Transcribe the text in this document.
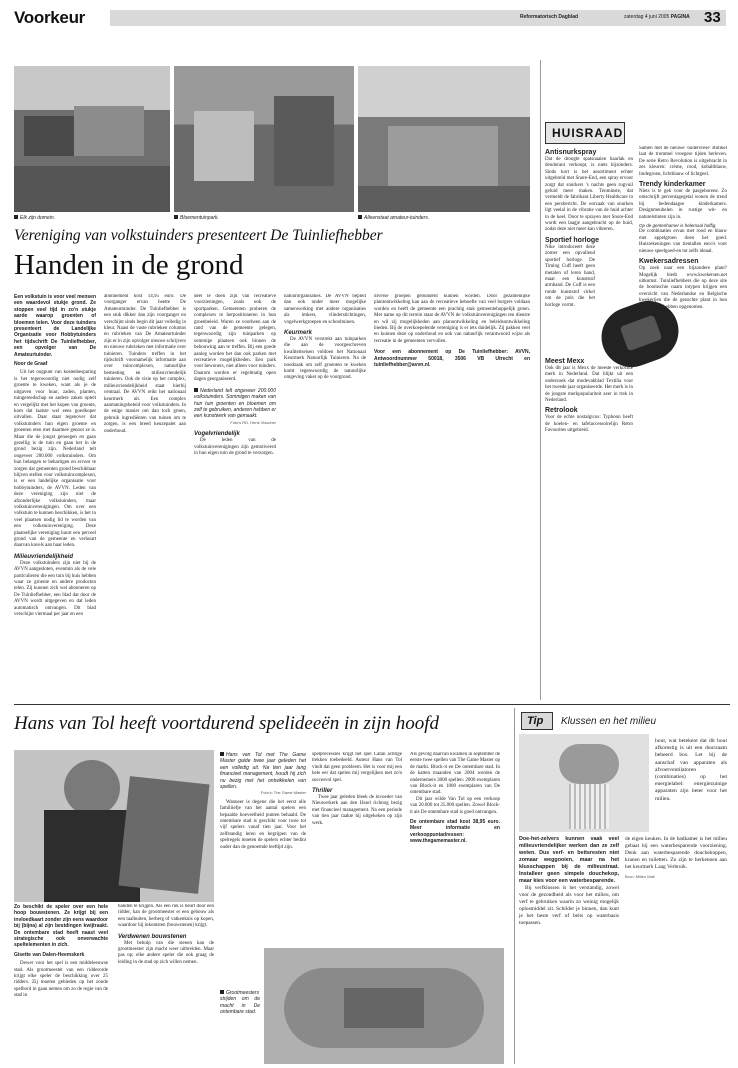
Voorkeur	Reformatorisch Dagblad	zaterdag 4 juni 2005 PAGINA 33
Elk zijn domein.	Bloementuinpark.	Alleenstaat amateur-tuinders.
Vereniging van volkstuinders presenteert De Tuinliefhebber
Handen in de grond

Een volkstuin is voor veel mensen een waardevol stukje grond. Ze stoppen veel tijd in zo'n stukje aarde waarop groenten of bloemen telen. Voor deze tuinders presenteert de Landelijke Organisatie voor Hobbytuinders het tijdschrift De Tuinliefhebber, een opvolger van De Amateurtuinder.

Noor de Graaf

Uit het oogpunt van kostenbesparing is het tegenwoordig niet nodig zelf groente te kweken, want als je de uitgaven voor huur, zaden, planten, tuingereedschap en andere zaken optelt en vergelijkt met het kopen van groente, kom dat laatste wel eens goedkoper uitvallen. Daar staat tegenover dat volkstuinders hun eigen groente en groenten eten met daarmee genoot ze is. Maar die de jongst genoegen en gaan gezellig is de tuin en gaan het in de grond bezig zijn. Nederland telt ongeveer 200.000 volkstuinders. Om hun belangen te behartigen en ervoor te zorgen dat gemeenten grond beschikbaar blijven stellen voor volkstuincomplexen, is er een landelijke organisatie voor hobbytuinders, de AVVN. Leden van deze vereniging zijn niet de afzonderlijke volkstuinders, maar volkstuinverenigingen. Om over een volkstuin te kunnen beschikken, is het in veel plaatsen nodig lid te worden van een volkstuinvereniging. Deze plaatselijke vereniging huurt een perceel grond van de gemeente en verhuurt daarvan kavels aan haar leden.

Milieuvriendelijkheid

Deze volkstuinders zijn niet bij de AVVN aangesloten, evenmin als de vele particulieren die een tuin bij huis hebben waar ze groente en andere producten telen. Zij kunnen zich wel abonneren op De Tuinliefhebber, een blad dat door de AVVN wordt uitgegeven en dat leden automatisch ontvangen. Dit blad verschijnt viermaal per jaar en een

abonnement kost 14,95 euro. De voorganger ervan heette De Amateurtuinder. De Tuinliefhebber is een stuk dikker dan zijn voorganger en verschijnt sinds begin dit jaar volledig in kleur. Naast de vaste rubrieken columns en rubrieken van De Amateurtuinder zijn er in zijn opvolger nieuwe schrijvers en nieuwe rubrieken met informatie over tuinieren. Tuinders treffen in het tijdschrift voornamelijk informatie aan over tuincomplexen, natuurlijke bemesting en milieuvriendelijk tuinieren. Ook de visie op het complex, milieuvriendelijkheid staat hierbij centraal. De AVVN reikt het nationaal keurmerk uit. Een complex aanmaningsbeleid voor volkstuinders. In de enige manier om dan toch groen, gebruik ingrediënten van tuinen om te zorgen, is een breed keuzepalet aan onderhoud.

deel te doen zijn van recreatieve voorzieningen, zoals ook de sportparken. Gemeenten proberen de complexen te herpositioneren in hun groenbeleid. Waren ze voorheen aan de rand van de gemeente gelegen, tegenwoordig zijn tuinparken op sommige plaatsen ook binnen de bebouwing aan te treffen. Bij een goede aanleg worden het dan ook parken met recreatieve mogelijkheden. Een park voor bewoners, niet alleen voor tuinders. Daarom worden er regelmatig open dagen georganiseerd.

Nederland telt ongeveer 200.000 volkstuinders. Sommigen maken van hun tuin groenten en bloemen om zelf te gebruiken, anderen hebben er een kunstwerk van gemaakt.

Foto's RD, Henk Visscher
Vogelvriendelijk

De leden van de volkstuinverenigingen zijn gemotiveerd in hun eigen tuin de grond te verzorgen.

natuurorganisaties. De AVVN bepleit dan ook onder meer mogelijke samenwerking met andere organisaties als imkers, vlinderstichtingen, vogelwerkgroepen en schooltuinen.

Keurmerk

De AVVN verstrekt aan tuinparken die aan de voorgeschreven kwaliteitseisen voldoen het Nationaal Keurmerk Natuurlijk Tuinieren. Na de noodzaak om zelf groenten te kweken komt tegenwoordig de natuurlijke omgeving vaker op de voorgrond.

diverse groepen gebundeld kunnen worden. Door gezamenlijke plantontwikkeling kan aan de recreatieve behoefte van veel burgers voldaan worden en heeft de gemeente een prachtig stuk gemeentehoppelijk groen. Met name op dit terrein staat de AVVN de volkstuinverenigingen ten dienste en wil zij mogelijkheden aan planontwikkeling en beleidsontwikkeling bieden. Bij de overkoepelende vereniging is er iets duidelijk. Zij pakken veel en kunnen deze op onderhoud en ook van natuurlijk verantwoord wijze als recreatie in de gemeenten vervullen.

Voor een abonnement op De Tuinliefhebber: AVVN, Antwoordnummer 50018, 3506 VB Utrecht en tuinliefhebber@avvn.nl.

HUISRAAD
Antisnurkspray

Dat de droogte spatsnaaien haarlak en deodorant verkoopt, is niets bijzonders. Sinds kort is het assortiment echter uitgebreid met Snore-End, een spray ervoor zorgt dat snurkers 's nachts geen rugvuil geluid meer maken. Tenminste, dat vermeldt de fabrikant Liberty Healthcare in een persbericht. De oorzaak van snurken ligt veelal in de vibratie van de huid achter in de keel. Door te sprayen met Snore-End wordt een laagje aangebracht op de huid, zodat deze niet meer kan vibreren.

Sportief horloge

Nike introduceert deze zomer een opvallend sportief horloge. De Timing Cuff heeft geen metalen of leren band, maar een kunststof armband. De Cuff is een ronde kunststof cirkel om de pols die het horloge vormt.

Meest Mexx

Ook dit jaar is Mexx de meeste verkochte merk in Nederland. Dat blijkt uit een onderzoek dat modevakblad Textilia voor het tweede jaar organiseerde. Het merk is in de jongste merkpopulariteit zeer in trek in Nederland.

Retrolook

Voor de echte nostalgicus: Typhoon heeft de koelen- en tafelaccessoirelijn Retro Favourites uitgebreid.

Samen met de nieuwe 'oudersvese' Butikel laat de trommel vroegere tijden herleven. De serie Retro Revolution is uitgebracht in zes kleuren: crème, rood, kobaltblauw, lindegroen, lichtblauw of lichtgeel.

Trendy kinderkamer

Niets is te gek voor de pasgeborene. Zo omschrijft percentagegetal wonen de trend bij bedendaagse kinderkamers. Designmeubelen in rustige wit- en naturelstinten zijn in.

Op de gentenhamer is helemaal hoffig.

De combinaties ervan met rood en blauw met appelgroen doen het goed. Huisrekeningen van tientallen euro's voor nieuwe speelgoed-en tot zelfs ideaal.

Kwekersadressen

Op zoek naar een bijzondere plant? Mogelijk biedt www.kwekersen.net uitkomst. Tuinliefhebbers die op deze site de boomschie naam intypen krijgen een overzicht van Nederlandse en Belgische kwekerijen die de gezochte plant in hun assortiment hebben opgenomen.

Hans van Tol heeft voortdurend spelideeën in zijn hoofd

Zo beschikt de speler over een hele hoop bouwstenen. Ze krijgt bij een invloedkaart zonder zijn eens waardoor bij (bijna) al zijn bestdingen kwijtraakt. De ontembare stad heeft naast veel strategische ook onverwachte speltelementen in zich.

Gisette van Dalen-Heemskerk

Dewer voor het spel is een middeleeuwse stad. Als grootmeester van een ridderorde krijgt elke speler de beschikking over 25 ridders. Zij moeten gebieden op het zonde spelbord in gaan nemen om zo de regie van de stad in

handen te krijgen. Als een ruk is beurt door een ridder, kan de grootmeester er een gebouw als een taalbuiten, herberg of vatkenkuis op kopen, waardoor hij inkomsten (bouwstenen) krijgt.

Verdwenen bouwstenen

Met behulp van die stenen kan de grootmeester zijn macht weer uitbreiden. Maar pas op; elke andere speler die ook graag de leiding in de stad op zich willen nemen.

Hans van Tol met The Game Master gaide twee jaar geleden het een volledig uit. Na tien jaar lang financieel management, houdt hij zich nu bezig met het ontwikkelen van spellen.

Foto's: The Game Master

Wanneer is degene die het eerst alle familiiefje van het aantal spelers een bepaalde hoeveelheid punten behaald. De ontembare stad is geschikt voor twee tot vijf spelers vanaf tien jaar. Voor het zelfstandig leren en begrijpen van de spelregels moeten de spelers echter bedint ouder dan de genoemde leeftijd zijn.

spelprecessies krijgt het spel Catan achtige trekken toebedeeld. Auteur Hans van Tol vindt dat geen probleem. Het is voor mij een hele eer dat spelen mij vergelijken met zo'n succesvol spel.

Thriller

Twee jaar geleden bleek de invoeder van Nieuwerkerk aan den IJssel richnog bezig met financieel management. Na een periode van tien jaar raakte hij uitgekeken op zijn werk.

Als gevolg daarvan kwamen in september de eerste twee spellen van The Game Master op de markt. Block-it en De ontembare stad. In de katten maanden van 2004 werden de ondernemers 3000 spellen: 2000 exemplaren van Block-it en 1000 exemplaren van De ontembare stad.

Dit jaar wilde Van Tol op een verkoop van 20.000 tot 25.000 spellen. Zowel Block-it als De ontembare stad is goed ontvangen.

De ontembare stad kost 38,95 euro. Meer informatie en verkooppuntadressen: www.thegamemaster.nl.

Grootmeesters strijden om de macht in De ontembare stad.

Tip	Klussen en het milieu

hout, wat betekent dat dit hout afkomstig is uit een duurzaam beheerd bos. Let bij de aanschaf van apparaten als afvoerventilatoren (combinaties) op het energielabel: energiezuinige apparaten zijn beter voor het milieu.

Doe-het-zelvers kunnen vaak veel milieuvriendelijker werken dan ze zelf weten. Dus verf- en beitsresten niet zomaar weggooien, maar na het klusschappen bij de milieustraat. Installeer geen simpele douchekop, maar kies voor een waterbesparende.

Bij verfklussen is het verstandig, zowel voor de gezondheid als voor het milieu, om verf te gebruiken waarin zo weinig mogelijk oplosmiddel zit. Schilder je binnen, dan kunt je het beste verf of beits op waterbasis toepassen.

de eigen keuken. In de badkamer is het milieu gebaat bij een waterbesparende voorziening. Denk aan waterbesparende douchekoppen, kranen en toiletten. Zo zijn te herkennen aan het keurmerk Laag Verbruik.

Bron: Milieu Mail
